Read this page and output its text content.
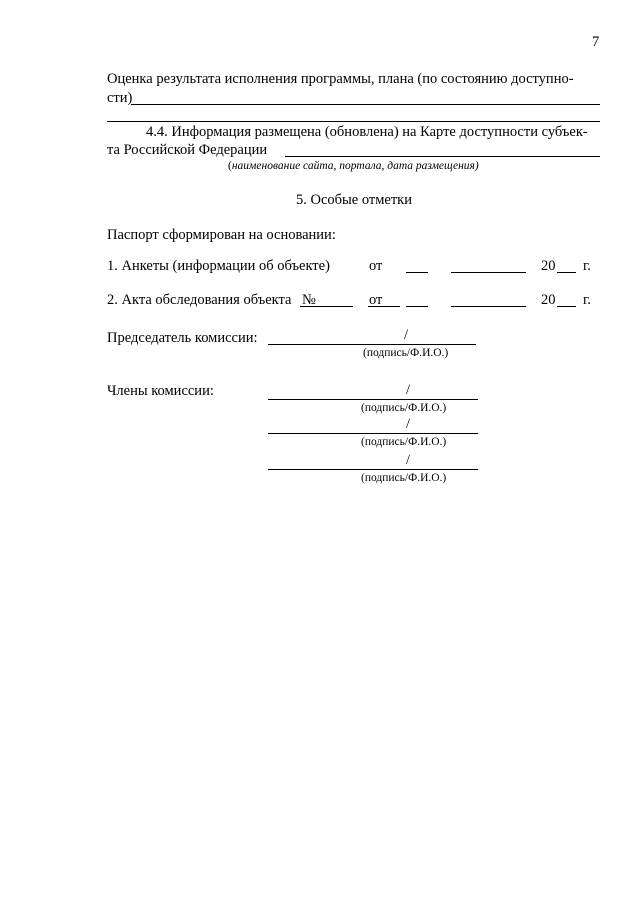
7
Оценка результата исполнения программы, плана (по состоянию доступно-
сти)
4.4. Информация размещена (обновлена) на Карте доступности субъек-
та Российской Федерации
(наименование сайта, портала, дата размещения)
5. Особые отметки
Паспорт сформирован на основании:
1. Анкеты (информации об объекте)	от	20 г.
2. Акта обследования объекта №	от	20 г.
Председатель комиссии:	/
(подпись/Ф.И.О.)
Члены комиссии:	/
(подпись/Ф.И.О.)
/
(подпись/Ф.И.О.)
/
(подпись/Ф.И.О.)
